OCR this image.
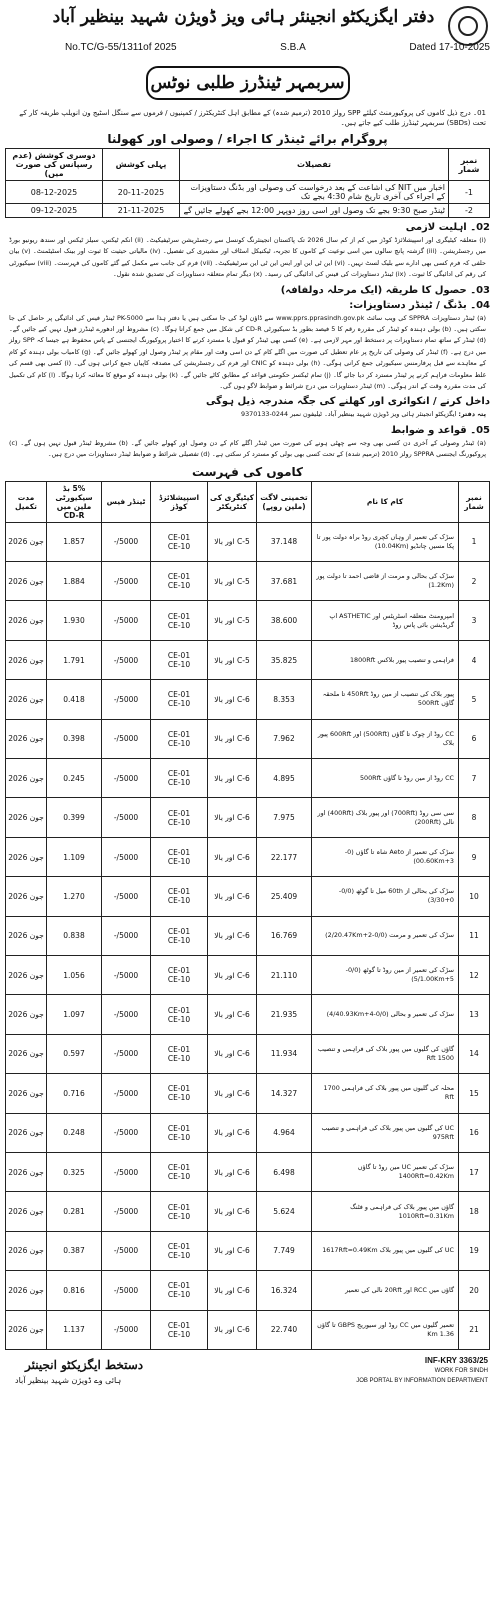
دفتر ایگزیکٹو انجینئر ہائی ویز ڈویژن شہید بینظیر آباد
No.TC/G-55/1311of 2025	S.B.A	Dated 17-10-2025
سربمہر ٹینڈرز طلبی نوٹس
01۔ درج ذیل کاموں کی پروکیورمنٹ کیلئے SPP رولز 2010 (ترمیم شدہ) کے مطابق اہل کنٹریکٹرز / کمپنیوں / فرموں سے سنگل اسٹیج ون انویلپ طریقہ کار کے تحت (SBDs) سربمہر ٹینڈرز طلب کیے جاتے ہیں۔
پروگرام برائے ٹینڈر کا اجراء / وصولی اور کھولنا
نمبر شمار	تفصیلات	پہلی کوشش	دوسری کوشش (عدم رسپانس کی صورت میں)
1-	اخبار میں NIT کی اشاعت کے بعد درخواست کی وصولی اور بڈنگ دستاویزات کے اجراء کی آخری تاریخ شام 4:30 بجے تک	20-11-2025	08-12-2025
2-	ٹینڈر صبح 9:30 بجے تک وصول اور اسی روز دوپہر 12:00 بجے کھولے جائیں گے	21-11-2025	09-12-2025
02۔ اہلیت لازمی
(i) متعلقہ کیٹیگری اور اسپیشلائزڈ کوڈز میں کم از کم سال 2026 تک پاکستان انجینئرنگ کونسل سے رجسٹریشن سرٹیفیکیٹ۔ (ii) انکم ٹیکس، سیلز ٹیکس اور سندھ ریونیو بورڈ میں رجسٹریشن۔ (iii) گزشتہ پانچ سالوں میں اسی نوعیت کے کاموں کا تجربہ، ٹیکنیکل اسٹاف اور مشینری کی تفصیل۔ (iv) مالیاتی حیثیت کا ثبوت اور بینک اسٹیٹمنٹ۔ (v) بیان حلفی کہ فرم کسی بھی ادارے سے بلیک لسٹ نہیں۔ (vi) این ٹی این اور ایس این ٹی این سرٹیفیکیٹ۔ (vii) فرم کی جانب سے مکمل کیے گئے کاموں کی فہرست۔ (viii) سیکیورٹی کی رقم کی ادائیگی کا ثبوت۔ (ix) ٹینڈر دستاویزات کی فیس کی ادائیگی کی رسید۔ (x) دیگر تمام متعلقہ دستاویزات کی تصدیق شدہ نقول۔
03۔ حصول کا طریقہ (ایک مرحلہ دولفافہ)
04۔ بڈنگ / ٹینڈر دستاویزات:
(a) ٹینڈر دستاویزات SPPRA کی ویب سائٹ www.pprs.pprasindh.gov.pk سے ڈاؤن لوڈ کی جا سکتی ہیں یا دفتر ہذا سے PK-5000 ٹینڈر فیس کی ادائیگی پر حاصل کی جا سکتی ہیں۔ (b) بولی دہندہ کو ٹینڈر کی مقررہ رقم کا 5 فیصد بطور بڈ سیکیورٹی CD-R کی شکل میں جمع کرانا ہوگا۔ (c) مشروط اور ادھورے ٹینڈرز قبول نہیں کیے جائیں گے۔ (d) ٹینڈر کے ساتھ تمام دستاویزات پر دستخط اور مہر لازمی ہے۔ (e) کسی بھی ٹینڈر کو قبول یا مسترد کرنے کا اختیار پروکیورنگ ایجنسی کے پاس محفوظ ہے جیسا کہ SPP رولز میں درج ہے۔ (f) ٹینڈر کی وصولی کی تاریخ پر عام تعطیل کی صورت میں اگلے کام کے دن اسی وقت اور مقام پر ٹینڈر وصول اور کھولے جائیں گے۔ (g) کامیاب بولی دہندہ کو کام کے معاہدے سے قبل پرفارمنس سیکیورٹی جمع کرانی ہوگی۔ (h) بولی دہندہ کو CNIC اور فرم کی رجسٹریشن کی مصدقہ کاپیاں جمع کرانی ہوں گی۔ (i) کسی بھی قسم کی غلط معلومات فراہم کرنے پر ٹینڈر مسترد کر دیا جائے گا۔ (j) تمام ٹیکسز حکومتی قواعد کے مطابق کاٹے جائیں گے۔ (k) بولی دہندہ کو موقع کا معائنہ کرنا ہوگا۔ (l) کام کی تکمیل کی مدت مقررہ وقت کے اندر ہوگی۔ (m) ٹینڈر دستاویزات میں درج شرائط و ضوابط لاگو ہوں گی۔
داخل کرنے / انکوائری اور کھلنے کی جگہ مندرجہ ذیل ہوگی
پتہ دفتر: ایگزیکٹو انجینئر ہائی ویز ڈویژن شہید بینظیر آباد۔ ٹیلیفون نمبر 0244-9370133
05۔ قواعد و ضوابط
(a) ٹینڈر وصولی کے آخری دن کسی بھی وجہ سے چھٹی ہونے کی صورت میں ٹینڈر اگلے کام کے دن وصول اور کھولے جائیں گے۔ (b) مشروط ٹینڈر قبول نہیں ہوں گے۔ (c) پروکیورنگ ایجنسی SPPRA رولز 2010 (ترمیم شدہ) کے تحت کسی بھی بولی کو مسترد کر سکتی ہے۔ (d) تفصیلی شرائط و ضوابط ٹینڈر دستاویزات میں درج ہیں۔
کاموں کی فہرست
نمبر شمار	کام کا نام	تخمینی لاگت (ملین روپے)	کیٹیگری کی کنٹریکٹر	اسپیشلائزڈ کوڈز	ٹینڈر فیس	5% بڈ سیکیورٹی ملین میں CD-R	مدت تکمیل
1	سڑک کی تعمیر از وہاں کچری روڈ براہ دولت پور تا پکا مسیں چانڈیو (10.04Km)	37.148	C-5 اور بالا	CE-01
CE-10	5000/-	1.857	جون 2026
2	سڑک کی بحالی و مرمت از قاضی احمد تا دولت پور (1.2Km)	37.681	C-5 اور بالا	CE-01
CE-10	5000/-	1.884	جون 2026
3	امپرومنٹ متعلقہ اسٹریٹس اور ASTHETIC اپ گریڈیشن بائی پاس روڈ	38.600	C-5 اور بالا	CE-01
CE-10	5000/-	1.930	جون 2026
4	فراہمی و تنصیب پیور بلاکس 1800Rft	35.825	C-5 اور بالا	CE-01
CE-10	5000/-	1.791	جون 2026
5	پیور بلاک کی تنصیب از مین روڈ 450Rft تا ملحقہ گاؤں 500Rft	8.353	C-6 اور بالا	CE-01
CE-10	5000/-	0.418	جون 2026
6	CC روڈ از چوک تا گاؤں (500Rft) اور 600Rft پیور بلاک	7.962	C-6 اور بالا	CE-01
CE-10	5000/-	0.398	جون 2026
7	CC روڈ از مین روڈ تا گاؤں 500Rft	4.895	C-6 اور بالا	CE-01
CE-10	5000/-	0.245	جون 2026
8	سی سی روڈ (700Rft) اور پیور بلاک (400Rft) اور نالی (200Rft)	7.975	C-6 اور بالا	CE-01
CE-10	5000/-	0.399	جون 2026
9	سڑک کی تعمیر از Aeto شاہ تا گاؤں (0-3+00.60Km)	22.177	C-6 اور بالا	CE-01
CE-10	5000/-	1.109	جون 2026
10	سڑک کی بحالی از 60th میل تا گوٹھ (0/0-0+3/30)	25.409	C-6 اور بالا	CE-01
CE-10	5000/-	1.270	جون 2026
11	سڑک کی تعمیر و مرمت (0/0-2+2/20.47Km)	16.769	C-6 اور بالا	CE-01
CE-10	5000/-	0.838	جون 2026
12	سڑک کی تعمیر از مین روڈ تا گوٹھ (0/0-5+5/1.00Km)	21.110	C-6 اور بالا	CE-01
CE-10	5000/-	1.056	جون 2026
13	سڑک کی تعمیر و بحالی (0/0-4+4/40.93Km)	21.935	C-6 اور بالا	CE-01
CE-10	5000/-	1.097	جون 2026
14	گاؤں کی گلیوں میں پیور بلاک کی فراہمی و تنصیب 1500 Rft	11.934	C-6 اور بالا	CE-01
CE-10	5000/-	0.597	جون 2026
15	محلہ کی گلیوں میں پیور بلاک کی فراہمی 1700 Rft	14.327	C-6 اور بالا	CE-01
CE-10	5000/-	0.716	جون 2026
16	UC کی گلیوں میں پیور بلاک کی فراہمی و تنصیب 975Rft	4.964	C-6 اور بالا	CE-01
CE-10	5000/-	0.248	جون 2026
17	سڑک کی تعمیر UC مین روڈ تا گاؤں 1400Rft=0.42Km	6.498	C-6 اور بالا	CE-01
CE-10	5000/-	0.325	جون 2026
18	گاؤں میں پیور بلاک کی فراہمی و فٹنگ 1010Rft=0.31Km	5.624	C-6 اور بالا	CE-01
CE-10	5000/-	0.281	جون 2026
19	UC کی گلیوں میں پیور بلاک 1617Rft=0.49Km	7.749	C-6 اور بالا	CE-01
CE-10	5000/-	0.387	جون 2026
20	گاؤں میں RCC اور 20Rft نالی کی تعمیر	16.324	C-6 اور بالا	CE-01
CE-10	5000/-	0.816	جون 2026
21	تعمیر گلیوں میں CC روڈ اور سیوریج GBPS تا گاؤں 1.36 Km	22.740	C-6 اور بالا	CE-01
CE-10	5000/-	1.137	جون 2026
INF-KRY 3363/25
WORK FOR SINDH
JOB PORTAL BY INFORMATION DEPARTMENT
دستخط ایگزیکٹو انجینئر
ہائی وے ڈویژن شہید بینظیر آباد
